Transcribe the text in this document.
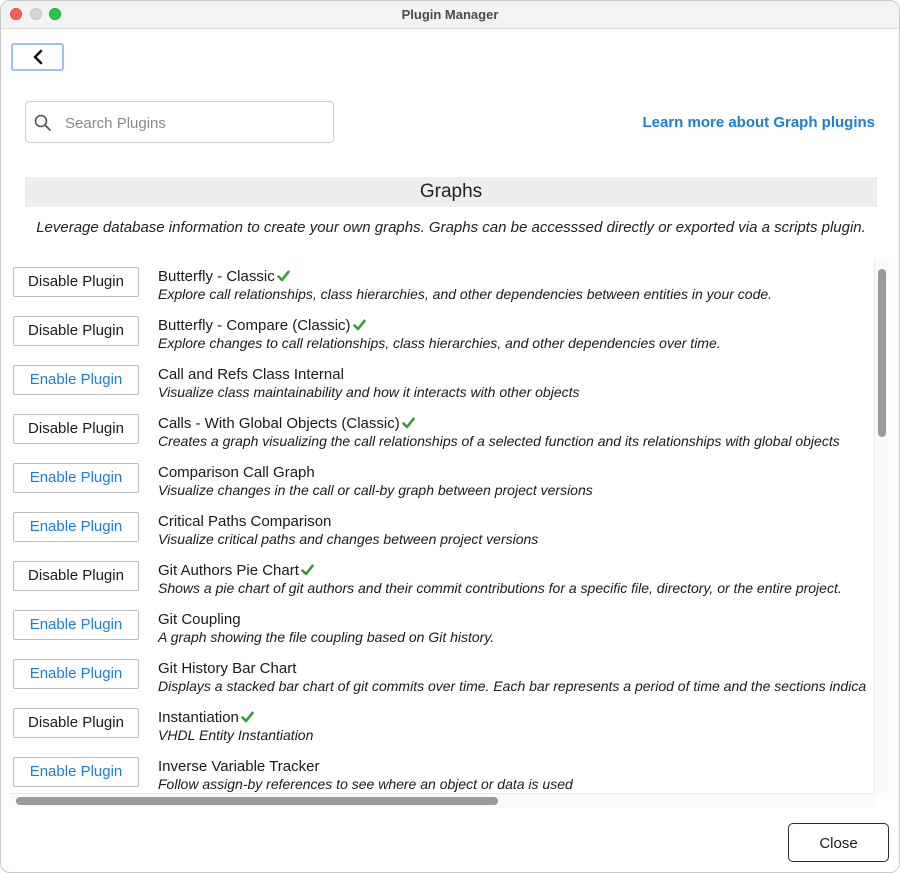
Plugin Manager
Search Plugins
Learn more about Graph plugins
Graphs
Leverage database information to create your own graphs. Graphs can be accesssed directly or exported via a scripts plugin.
Disable Plugin	Butterfly - Classic
Explore call relationships, class hierarchies, and other dependencies between entities in your code.
Disable Plugin	Butterfly - Compare (Classic)
Explore changes to call relationships, class hierarchies, and other dependencies over time.
Enable Plugin	Call and Refs Class Internal
Visualize class maintainability and how it interacts with other objects
Disable Plugin	Calls - With Global Objects (Classic)
Creates a graph visualizing the call relationships of a selected function and its relationships with global objects
Enable Plugin	Comparison Call Graph
Visualize changes in the call or call-by graph between project versions
Enable Plugin	Critical Paths Comparison
Visualize critical paths and changes between project versions
Disable Plugin	Git Authors Pie Chart
Shows a pie chart of git authors and their commit contributions for a specific file, directory, or the entire project.
Enable Plugin	Git Coupling
A graph showing the file coupling based on Git history.
Enable Plugin	Git History Bar Chart
Displays a stacked bar chart of git commits over time. Each bar represents a period of time and the sections indica
Disable Plugin	Instantiation
VHDL Entity Instantiation
Enable Plugin	Inverse Variable Tracker
Follow assign-by references to see where an object or data is used
Close
